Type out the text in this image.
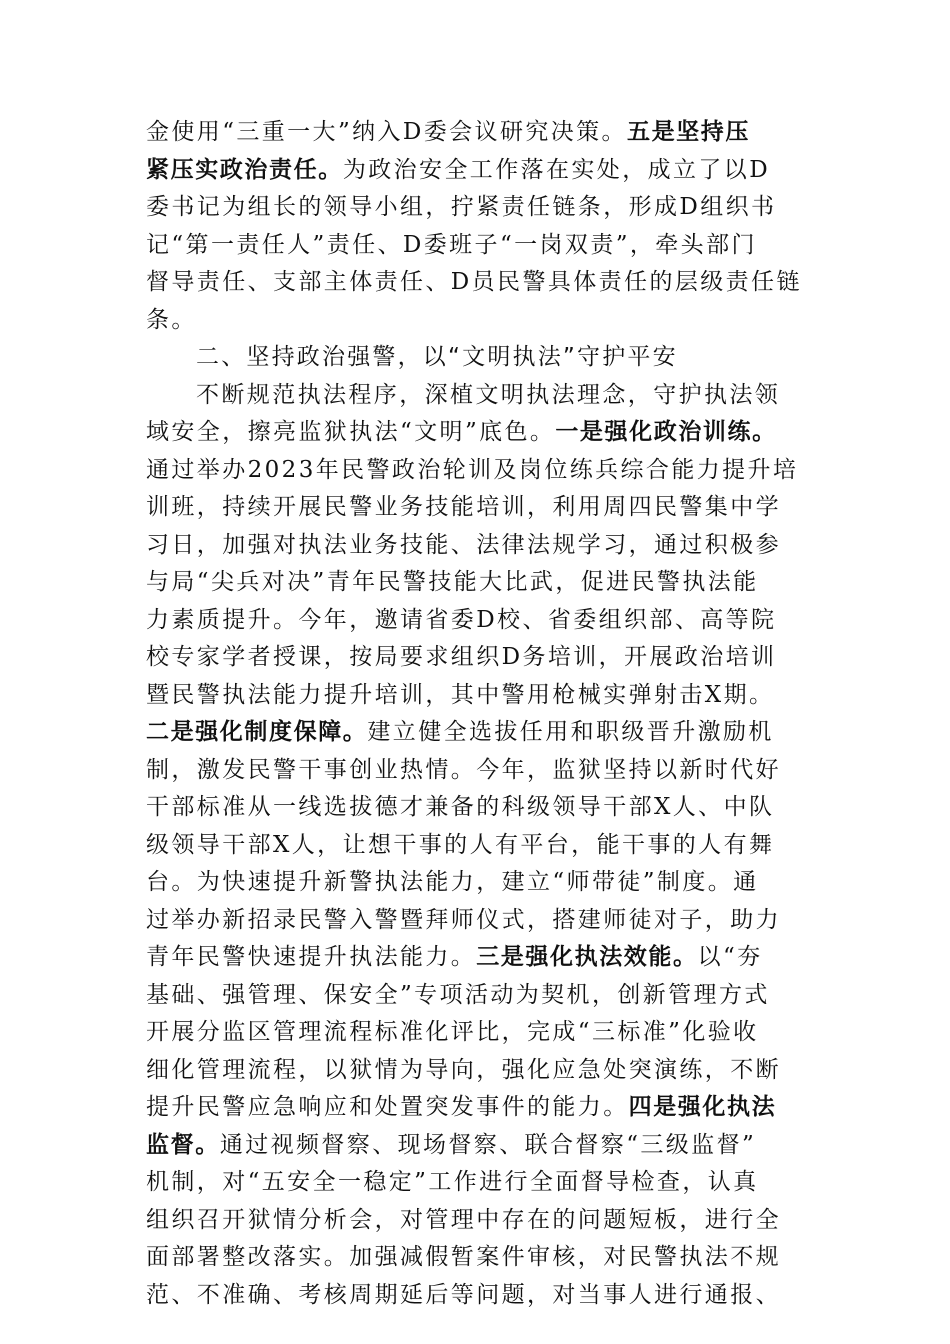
金使用“三重一大”纳入D委会议研究决策。五是坚持压
紧压实政治责任。为政治安全工作落在实处，成立了以D
委书记为组长的领导小组，拧紧责任链条，形成D组织书
记“第一责任人”责任、D委班子“一岗双责”，牵头部门
督导责任、支部主体责任、D员民警具体责任的层级责任链
条。
二、坚持政治强警，以“文明执法”守护平安
不断规范执法程序，深植文明执法理念，守护执法领
域安全，擦亮监狱执法“文明”底色。一是强化政治训练。
通过举办2023年民警政治轮训及岗位练兵综合能力提升培
训班，持续开展民警业务技能培训，利用周四民警集中学
习日，加强对执法业务技能、法律法规学习，通过积极参
与局“尖兵对决”青年民警技能大比武，促进民警执法能
力素质提升。今年，邀请省委D校、省委组织部、高等院
校专家学者授课，按局要求组织D务培训，开展政治培训
暨民警执法能力提升培训，其中警用枪械实弹射击X期。
二是强化制度保障。建立健全选拔任用和职级晋升激励机
制，激发民警干事创业热情。今年，监狱坚持以新时代好
干部标准从一线选拔德才兼备的科级领导干部X人、中队
级领导干部X人，让想干事的人有平台，能干事的人有舞
台。为快速提升新警执法能力，建立“师带徒”制度。通
过举办新招录民警入警暨拜师仪式，搭建师徒对子，助力
青年民警快速提升执法能力。三是强化执法效能。以“夯
基础、强管理、保安全”专项活动为契机，创新管理方式
开展分监区管理流程标准化评比，完成“三标准”化验收
细化管理流程，以狱情为导向，强化应急处突演练，不断
提升民警应急响应和处置突发事件的能力。四是强化执法
监督。通过视频督察、现场督察、联合督察“三级监督”
机制，对“五安全一稳定”工作进行全面督导检查，认真
组织召开狱情分析会，对管理中存在的问题短板，进行全
面部署整改落实。加强减假暂案件审核，对民警执法不规
范、不准确、考核周期延后等问题，对当事人进行通报、
